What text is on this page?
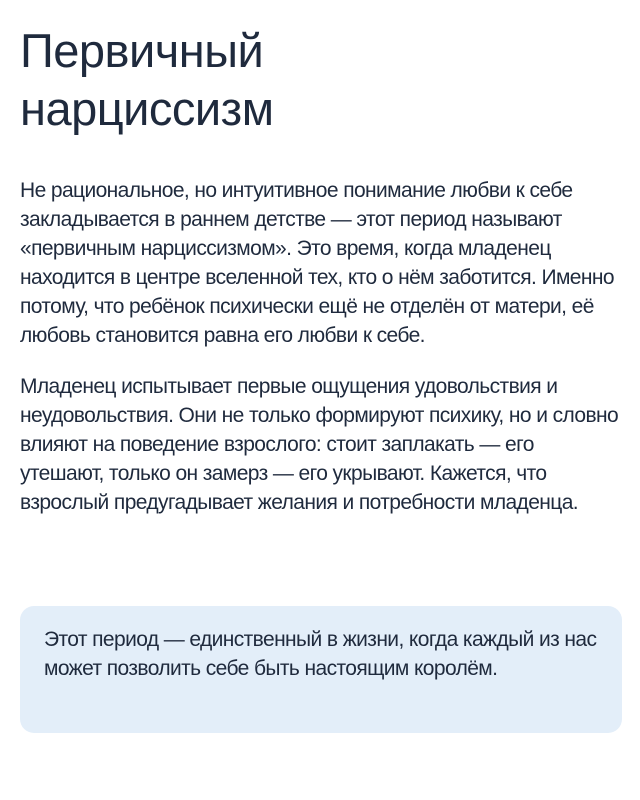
Первичный
нарциссизм

Не рациональное, но интуитивное понимание любви к себе закладывается в раннем детстве — этот период называют «первичным нарциссизмом». Это время, когда младенец находится в центре вселенной тех, кто о нём заботится. Именно потому, что ребёнок психически ещё не отделён от матери, её любовь становится равна его любви к себе.

Младенец испытывает первые ощущения удовольствия и неудовольствия. Они не только формируют психику, но и словно влияют на поведение взрослого: стоит заплакать — его утешают, только он замерз — его укрывают. Кажется, что взрослый предугадывает желания и потребности младенца.

Этот период — единственный в жизни, когда каждый из нас может позволить себе быть настоящим королём.
